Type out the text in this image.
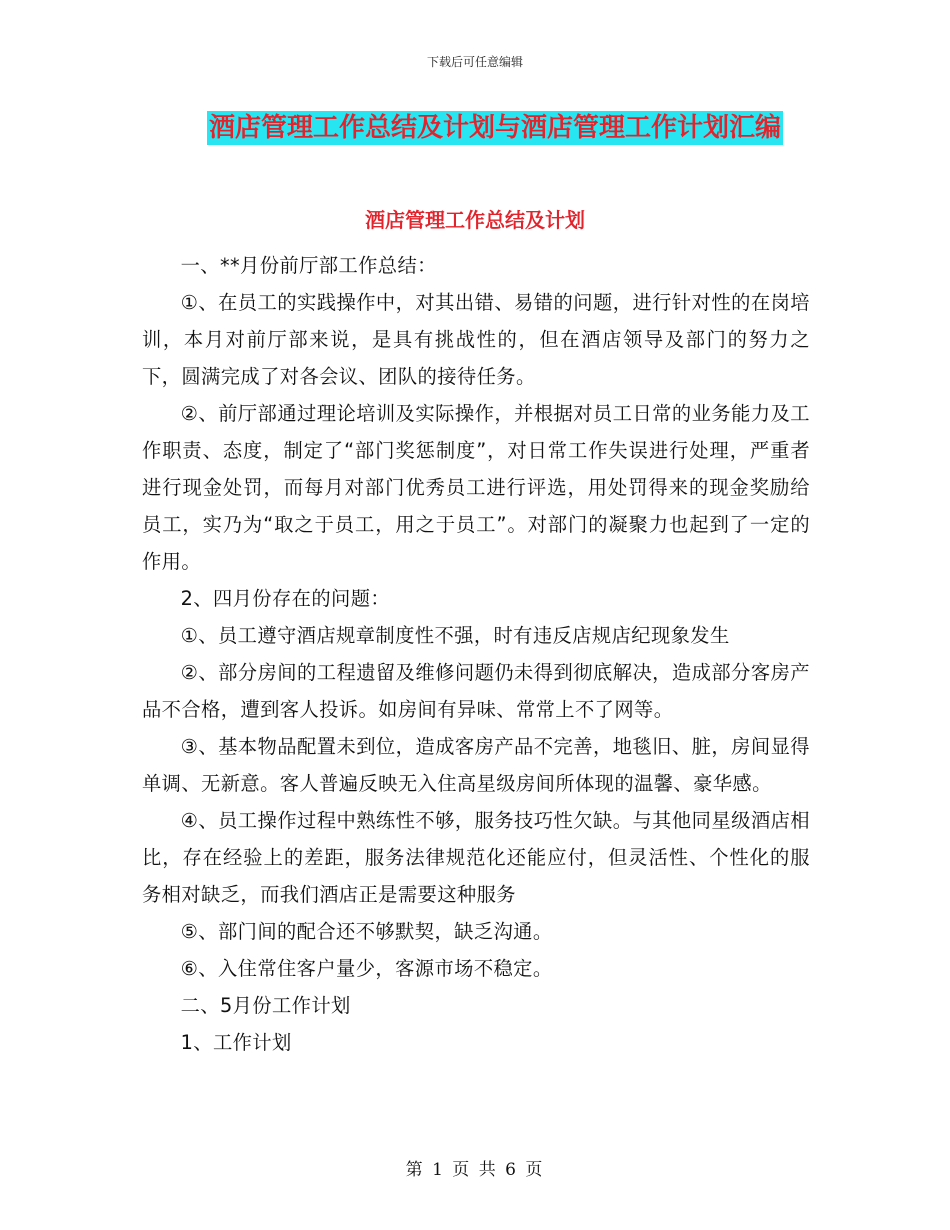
下载后可任意编辑
酒店管理工作总结及计划与酒店管理工作计划汇编
酒店管理工作总结及计划

一、**月份前厅部工作总结：

①、在员工的实践操作中，对其出错、易错的问题，进行针对性的在岗培训，本月对前厅部来说，是具有挑战性的，但在酒店领导及部门的努力之下，圆满完成了对各会议、团队的接待任务。

②、前厅部通过理论培训及实际操作，并根据对员工日常的业务能力及工作职责、态度，制定了“部门奖惩制度”，对日常工作失误进行处理，严重者进行现金处罚，而每月对部门优秀员工进行评选，用处罚得来的现金奖励给员工，实乃为“取之于员工，用之于员工”。对部门的凝聚力也起到了一定的作用。

2、四月份存在的问题：

①、员工遵守酒店规章制度性不强，时有违反店规店纪现象发生

②、部分房间的工程遗留及维修问题仍未得到彻底解决，造成部分客房产品不合格，遭到客人投诉。如房间有异味、常常上不了网等。

③、基本物品配置未到位，造成客房产品不完善，地毯旧、脏，房间显得单调、无新意。客人普遍反映无入住高星级房间所体现的温馨、豪华感。

④、员工操作过程中熟练性不够，服务技巧性欠缺。与其他同星级酒店相比，存在经验上的差距，服务法律规范化还能应付，但灵活性、个性化的服务相对缺乏，而我们酒店正是需要这种服务

⑤、部门间的配合还不够默契，缺乏沟通。

⑥、入住常住客户量少，客源市场不稳定。

二、5月份工作计划

1、工作计划

第 1 页 共 6 页
